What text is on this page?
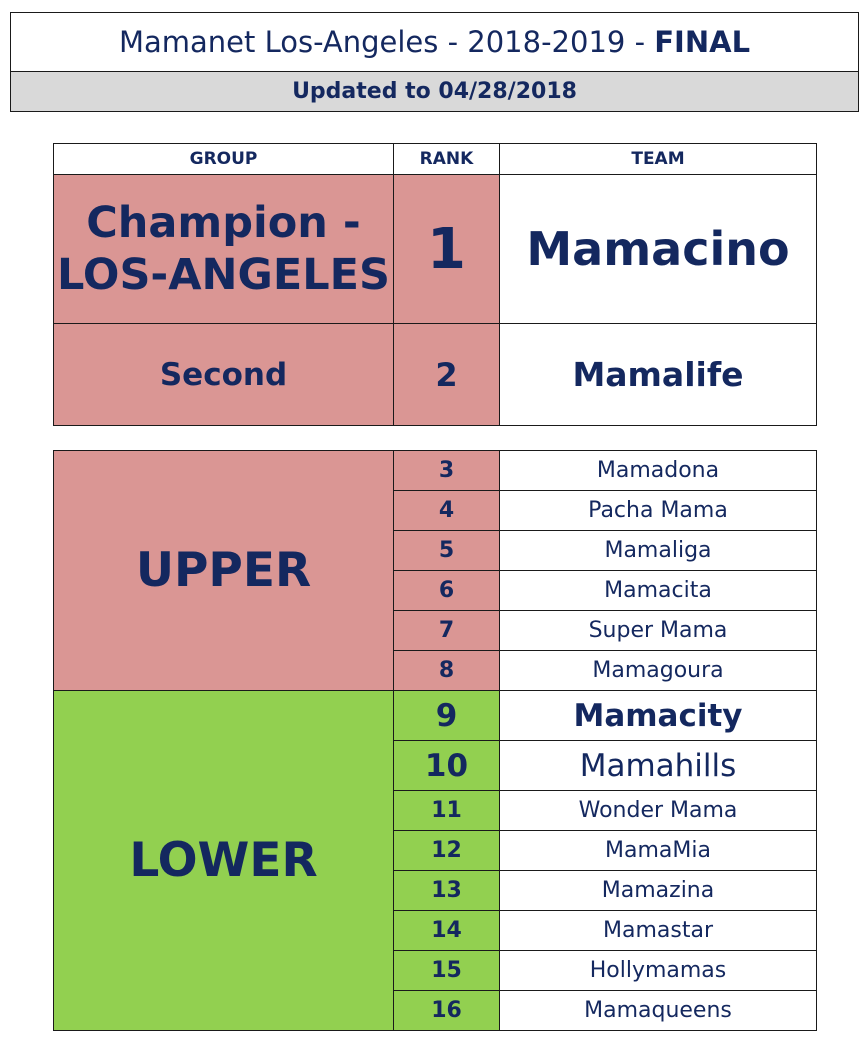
Mamanet Los-Angeles - 2018-2019 - FINAL
Updated to 04/28/2018
GROUP	RANK	TEAM

Champion -
LOS-ANGELES	1	Mamacino
Second	2	Mamalife
UPPER	3	Mamadona
	4	Pacha Mama
	5	Mamaliga
	6	Mamacita
	7	Super Mama
	8	Mamagoura
LOWER	9	Mamacity
	10	Mamahills
	11	Wonder Mama
	12	MamaMia
	13	Mamazina
	14	Mamastar
	15	Hollymamas
	16	Mamaqueens
